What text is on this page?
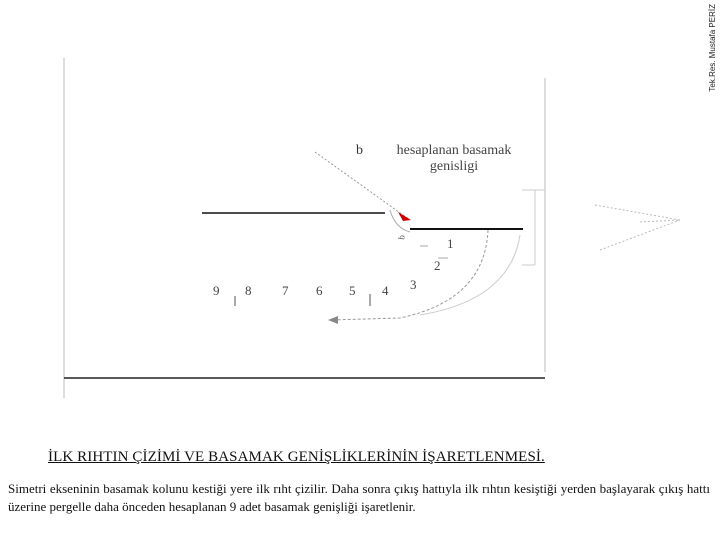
Tek.Res. Mustafa PERİZ
b
b	hesaplanan basamak
genisligi
1
2
3
9 8 7 6 5 4
İLK RIHTIN ÇİZİMİ VE BASAMAK GENİŞLİKLERİNİN İŞARETLENMESİ.
Simetri ekseninin basamak kolunu kestiği yere ilk rıht çizilir. Daha sonra çıkış hattıyla ilk rıhtın kesiştiği yerden başlayarak çıkış hattı üzerine pergelle daha önceden hesaplanan 9 adet basamak genişliği işaretlenir.
